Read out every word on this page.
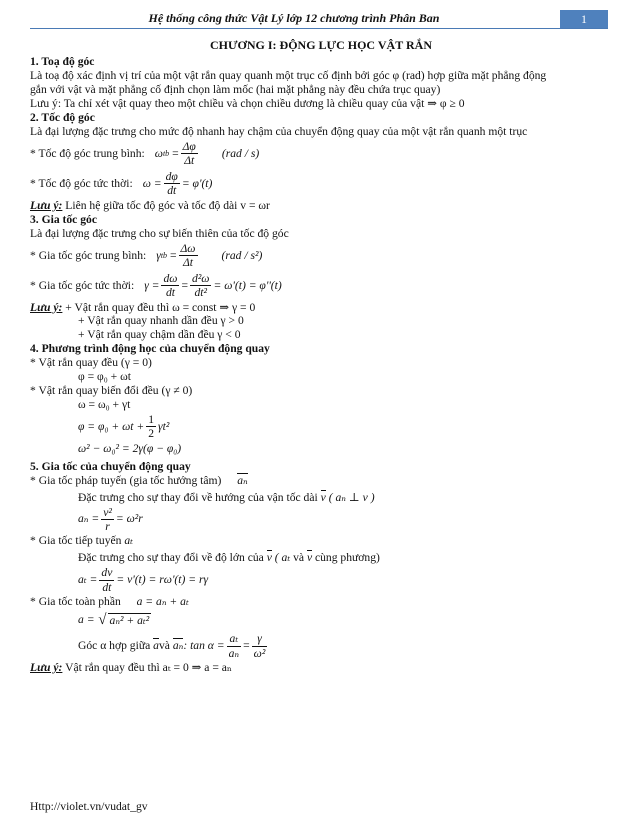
Hệ thống công thức Vật Lý lớp 12 chương trình Phân Ban	1
CHƯƠNG I: ĐỘNG LỰC HỌC VẬT RẮN
1. Toạ độ góc
Là toạ độ xác định vị trí của một vật rắn quay quanh một trục cố định bởi góc φ (rad) hợp giữa mặt phẳng động
gắn với vật và mặt phẳng cố định chọn làm mốc (hai mặt phẳng này đều chứa trục quay)
Lưu ý: Ta chỉ xét vật quay theo một chiều và chọn chiều dương là chiều quay của vật ⇒ φ ≥ 0
2. Tốc độ góc
Là đại lượng đặc trưng cho mức độ nhanh hay chậm của chuyển động quay của một vật rắn quanh một trục
* Tốc độ góc trung bình: ω tb = $\frac{\Delta\varphi}{\Delta t} (rad / s)$
* Tốc độ góc tức thời: $\omega = \frac{d\varphi}{dt} = \varphi'(t)$
Lưu ý: Liên hệ giữa tốc độ góc và tốc độ dài v = ωr
3. Gia tốc góc
Là đại lượng đặc trưng cho sự biến thiên của tốc độ góc
* Gia tốc góc trung bình: γ tb = $\frac{\Delta\omega}{\Delta t} (rad / s^2)$
* Gia tốc góc tức thời: $\gamma = \frac{d\omega}{dt} = \frac{\text{d²ω}}{\text{dt²}} = \omega'(t) = \varphi''(t)$
Lưu ý: + Vật rắn quay đều thì ω = const ⇒ γ = 0
+ Vật rắn quay nhanh dần đều γ > 0
+ Vật rắn quay chậm dần đều γ < 0
4. Phương trình động học của chuyển động quay
* Vật rắn quay đều (γ = 0)
φ = φ₀ + ωt
* Vật rắn quay biến đổi đều (γ ≠ 0)
ω = ω₀ + γt
$\varphi = \varphi_0 + \omega t + \frac{1}{2} \gamma t^2$
ω² − ω₀² = 2γ(φ − φ₀)
5. Gia tốc của chuyển động quay
* Gia tốc pháp tuyến (gia tốc hướng tâm) aₙ
Đặc trưng cho sự thay đổi về hướng của vận tốc dài v ( aₙ ⊥ v )
$a_n = \frac{\text{v²}}{r} = \omega^2r$
* Gia tốc tiếp tuyến aₜ
Đặc trưng cho sự thay đổi về độ lớn của v ( aₜ và v cùng phương)
$a_t = \frac{dv}{dt} = v'(t) = r\omega'(t) = r\gamma$
* Gia tốc toàn phần a = aₙ + aₜ
a = √ aₙ² + aₜ²
Góc α hợp giữa
a và
aₙ : $\tan \alpha = \frac{\text{aₜ}}{\text{aₙ}} = \frac{\gamma}{\text{ω²}}$
Lưu ý: Vật rắn quay đều thì aₜ = 0 ⇒ a = aₙ
Http://violet.vn/vudat_gv
